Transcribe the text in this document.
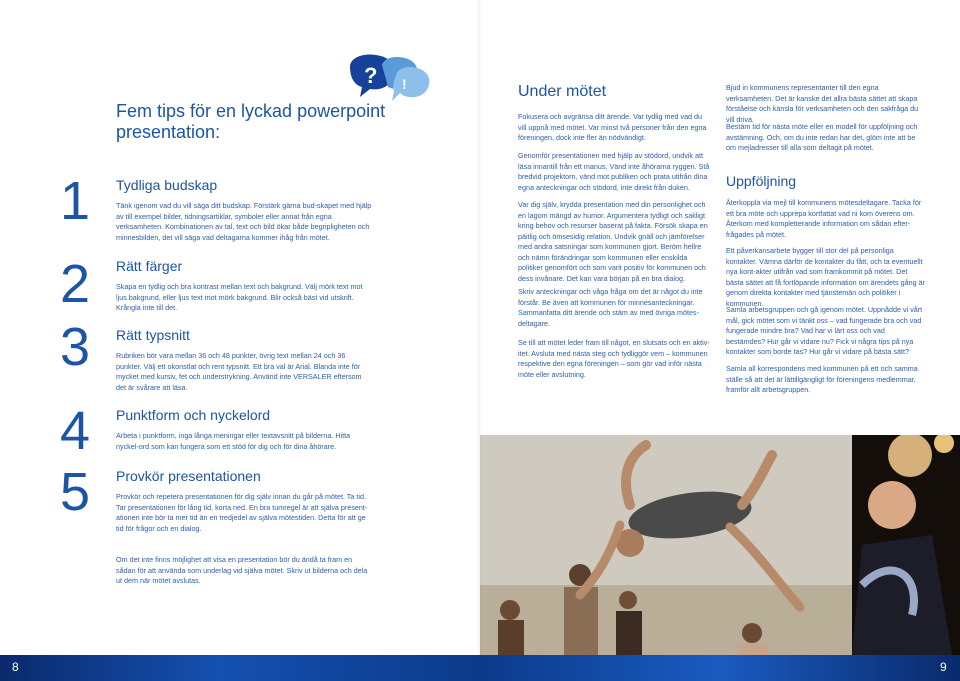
? !
Fem tips för en lyckad powerpoint presentation:
1 Tydliga budskap
Tänk igenom vad du vill säga ditt budskap. Förstärk gärna bud-skapet med hjälp av till exempel bilder, tidningsartiklar, symboler eller annat från egna verksamheten. Kombinationen av tal, text och bild ökar både begripligheten och minnesbilden, det vill säga vad deltagarna kommer ihåg från mötet.
2 Rätt färger
Skapa en tydlig och bra kontrast mellan text och bakgrund. Välj mörk text mot ljus bakgrund, eller ljus text mot mörk bakgrund. Blir också bäst vid utskrift. Krångla inte till det.
3 Rätt typsnitt
Rubriken bör vara mellan 36 och 48 punkter, övrig text mellan 24 och 36 punkter. Välj ett okonstlat och rent typsnitt. Ett bra val är Arial. Blanda inte för mycket med kursiv, fet och understrykning. Använd inte VERSALER eftersom det är svårare att läsa.
4 Punktform och nyckelord
Arbeta i punktform, inga långa meningar eller textavsnitt på bilderna. Hitta nyckel-ord som kan fungera som ett stöd för dig och för dina åhörare.
5 Provkör presentationen
Provkör och repetera presentationen för dig själv innan du går på mötet. Ta tid. Tar presentationen för lång tid, korta ned. En bra tumregel är att själva present-ationen inte bör ta mer tid än en tredjedel av själva mötestiden. Detta för att ge tid för frågor och en dialog.
Om det inte finns möjlighet att visa en presentation bör du ändå ta fram en sådan för att använda som underlag vid själva mötet. Skriv ut bilderna och dela ut dem när mötet avslutas.
Under mötet
Fokusera och avgränsa ditt ärende. Var tydlig med vad du vill uppnå med mötet. Var minst två personer från den egna föreningen, dock inte fler än nödvändigt.
Genomför presentationen med hjälp av stödord, undvik att läsa innantill från ett manus. Vänd inte åhörarna ryggen. Stå bredvid projektorn, vänd mot publiken och prata utifrån dina egna anteckningar och stödord, inte direkt från duken.
Var dig själv, krydda presentation med din personlighet och en lagom mängd av humor. Argumentera tydligt och sakligt kring behov och resurser baserat på fakta. Försök skapa en päitlig och ömsesidig relation. Undvik gnäll och jämförelser med andra satsningar som kommunen gjort. Beröm hellre och nämn förändringar som kommunen eller enskilda politiker genomfört och som varit positiv för kommunen och dess invånare. Det kan vara början på en bra dialog.
Skriv anteckningar och våga fråga om det är något du inte förstår. Be även att kommunen för minnesanteckningar. Sammanfatta ditt ärende och stäm av med övriga mötes-deltagare.
Se till att mötet leder fram till något, en slutsats och en aktiv-itet. Avsluta med nästa steg och tydliggör vem – kommunen respektive den egna föreningen – som gör vad inför nästa möte eller avslutning.
Bjud in kommunens representanter till den egna verksamheten. Det är kanske det allra bästa sättet att skapa förståelse och känsla för verksamheten och den sakfråga du vill driva.
Bestäm tid för nästa möte eller en modell för uppföljning och avstämning. Och, om du inte redan har det, glöm inte att be om mejladresser till alla som deltagit på mötet.
Uppföljning
Återkoppla via mejl till kommunens mötesdeltagare. Tacka för ett bra möte och upprepa kortfattat vad ni kom överens om. Återkom med kompletterande information om sådan efter-frågades på mötet.
Ett påverkansarbete bygger till stor del på personliga kontakter. Vämna därför de kontakter du fått, och ta eventuellt nya kont-akter utifrån vad som framkommit på mötet. Det bästa sättet att få fortlöpande information om ärendets gång är genom direkta kontakter med tjänstemän och politiker i kommunen.
Samla arbetsgruppen och gå igenom mötet. Uppnådde vi vårt mål, gick mötet som vi tänkt oss – vad fungerade bra och vad fungerade mindre bra? Vad har vi lärt oss och vad bestämdes? Hur går vi vidare nu? Fick vi några tips på nya kontakter som borde tas? Hur går vi vidare på bästa sätt?
Samla all korrespondens med kommunen på ett och samma ställe så att det är lättillgängligt för föreningens medlemmar, framför allt arbetsgruppen.
8	9
